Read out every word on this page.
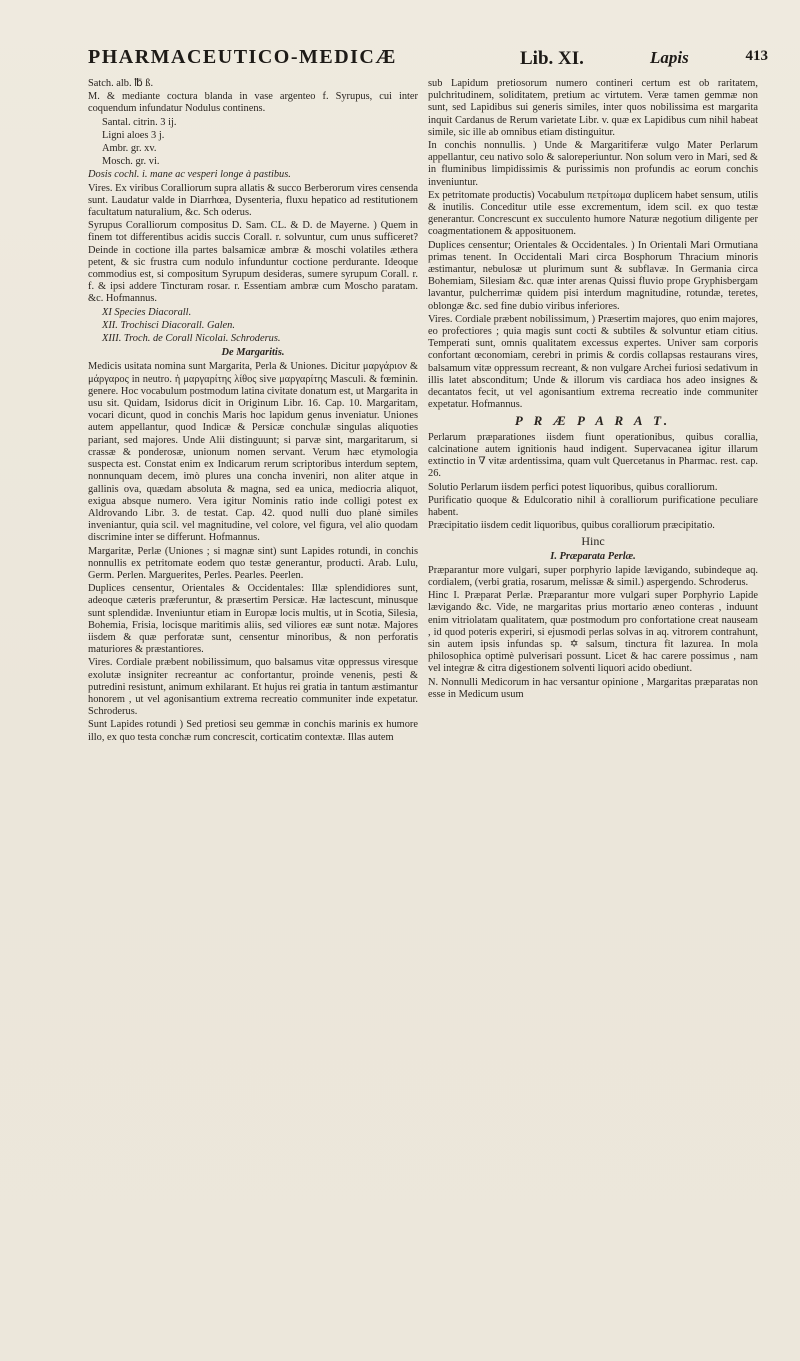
PHARMACEUTICO-MEDICÆ	Lib. XI.	Lapis	413

Satch. alb. ℔ ß.

M. & mediante coctura blanda in vase argenteo f. Syrupus, cui inter coquendum infundatur Nodulus continens.

Santal. citrin. 3 ij.

Ligni aloes 3 j.

Ambr. gr. xv.

Mosch. gr. vi.

Dosis cochl. i. mane ac vesperi longe à pastibus.

Vires. Ex viribus Coralliorum supra allatis & succo Berberorum vires censenda sunt. Laudatur valde in Diarrhœa, Dysenteria, fluxu hepatico ad restitutionem facultatum naturalium, &c. Sch oderus.

Syrupus Coralliorum compositus D. Sam. CL. & D. de Mayerne. ) Quem in finem tot differentibus acidis succis Corall. r. solvuntur, cum unus sufficeret? Deinde in coctione illa partes balsamicæ ambræ & moschi volatiles æthera petent, & sic frustra cum nodulo infunduntur coctione perdurante. Ideoque commodius est, si compositum Syrupum desideras, sumere syrupum Corall. r. f. & ipsi addere Tincturam rosar. r. Essentiam ambræ cum Moscho paratam. &c. Hofmannus.

XI Species Diacorall.

XII. Trochisci Diacorall. Galen.

XIII. Troch. de Corall Nicolai. Schroderus.

De Margaritis.

Medicis usitata nomina sunt Margarita, Perla & Uniones. Dicitur μαργάριον & μάργαρος in neutro. ἡ μαργαρίτης λίθος sive μαργαρίτης Masculi. & fœminin. genere. Hoc vocabulum postmodum latina civitate donatum est, ut Margarita in usu sit. Quidam, Isidorus dicit in Originum Libr. 16. Cap. 10. Margaritam, vocari dicunt, quod in conchis Maris hoc lapidum genus inveniatur. Uniones autem appellantur, quod Indicæ & Persicæ conchulæ singulas aliquoties pariant, sed majores. Unde Alii distinguunt; si parvæ sint, margaritarum, si crassæ & ponderosæ, unionum nomen servant. Verum hæc etymologia suspecta est. Constat enim ex Indicarum rerum scriptoribus interdum septem, nonnunquam decem, imò plures una concha inveniri, non aliter atque in gallinis ova, quædam absoluta & magna, sed ea unica, mediocria aliquot, exigua absque numero. Vera igitur Nominis ratio inde colligi potest ex Aldrovando Libr. 3. de testat. Cap. 42. quod nulli duo planè similes inveniantur, quia scil. vel magnitudine, vel colore, vel figura, vel alio quodam discrimine inter se differunt. Hofmannus.

Margaritæ, Perlæ (Uniones ; si magnæ sint) sunt Lapides rotundi, in conchis nonnullis ex petritomate eodem quo testæ generantur, producti. Arab. Lulu, Germ. Perlen. Marguerites, Perles. Pearles. Peerlen.

Duplices censentur, Orientales & Occidentales: Illæ splendidiores sunt, adeoque cæteris præferuntur, & præsertim Persicæ. Hæ lactescunt, minusque sunt splendidæ. Inveniuntur etiam in Europæ locis multis, ut in Scotia, Silesia, Bohemia, Frisia, locisque maritimis aliis, sed viliores eæ sunt notæ. Majores iisdem & quæ perforatæ sunt, censentur minoribus, & non perforatis maturiores & præstantiores.

Vires. Cordiale præbent nobilissimum, quo balsamus vitæ oppressus viresque exolutæ insigniter recreantur ac confortantur, proinde venenis, pesti & putredini resistunt, animum exhilarant. Et hujus rei gratia in tantum æstimantur honorem , ut vel agonisantium extrema recreatio communiter inde expetatur. Schroderus.

Sunt Lapides rotundi ) Sed pretiosi seu gemmæ in conchis marinis ex humore illo, ex quo testa conchæ rum concrescit, corticatim contextæ. Illas autem

sub Lapidum pretiosorum numero contineri certum est ob raritatem, pulchritudinem, soliditatem, pretium ac virtutem. Veræ tamen gemmæ non sunt, sed Lapidibus sui generis similes, inter quos nobilissima est margarita inquit Cardanus de Rerum varietate Libr. v. quæ ex Lapidibus cum nihil habeat simile, sic ille ab omnibus etiam distinguitur.

In conchis nonnullis. ) Unde & Margaritiferæ vulgo Mater Perlarum appellantur, ceu nativo solo & saloreperiuntur. Non solum vero in Mari, sed & in fluminibus limpidissimis & purissimis non profundis ac eorum conchis inveniuntur.

Ex petritomate productis) Vocabulum πετρίτωμα duplicem habet sensum, utilis & inutilis. Conceditur utile esse excrementum, idem scil. ex quo testæ generantur. Concrescunt ex succulento humore Naturæ negotium diligente per coagmentationem & apposituonem.

Duplices censentur; Orientales & Occidentales. ) In Orientali Mari Ormutiana primas tenent. In Occidentali Mari circa Bosphorum Thracium minoris æstimantur, nebulosæ ut plurimum sunt & subflavæ. In Germania circa Bohemiam, Silesiam &c. quæ inter arenas Quissi fluvio prope Gryphisbergam lavantur, pulcherrimæ quidem pisi interdum magnitudine, rotundæ, teretes, oblongæ &c. sed fine dubio viribus inferiores.

Vires. Cordiale præbent nobilissimum, ) Præsertim majores, quo enim majores, eo profectiores ; quia magis sunt cocti & subtiles & solvuntur etiam citius. Temperati sunt, omnis qualitatem excessus expertes. Univer sam corporis confortant œconomiam, cerebri in primis & cordis collapsas restaurans vires, balsamum vitæ oppressum recreant, & non vulgare Archei furiosi sedativum in illis latet absconditum; Unde & illorum vis cardiaca hos adeo insignes & decantatos fecit, ut vel agonisantium extrema recreatio inde communiter expetatur. Hofmannus.

P R Æ P A R A T.

Perlarum præparationes iisdem fiunt operationibus, quibus corallia, calcinatione autem ignitionis haud indigent. Supervacanea igitur illarum extinctio in ∇ vitæ ardentissima, quam vult Quercetanus in Pharmac. rest. cap. 26.

Solutio Perlarum iisdem perfici potest liquoribus, quibus coralliorum.

Purificatio quoque & Edulcoratio nihil à coralliorum purificatione peculiare habent.

Præcipitatio iisdem cedit liquoribus, quibus coralliorum præcipitatio.

Hinc

I. Præparata Perlæ.

Præparantur more vulgari, super porphyrio lapide lævigando, subindeque aq. cordialem, (verbi gratia, rosarum, melissæ & simil.) aspergendo. Schroderus.

Hinc I. Præparat Perlæ. Præparantur more vulgari super Porphyrio Lapide lævigando &c. Vide, ne margaritas prius mortario æneo conteras , induunt enim vitriolatam qualitatem, quæ postmodum pro confortatione creat nauseam , id quod poteris experiri, si ejusmodi perlas solvas in aq. vitrorem contrahunt, sin autem ipsis infundas sp. ✡ salsum, tinctura fit lazurea. In mola philosophica optimè pulverisari possunt. Licet & hac carere possimus , nam vel integræ & citra digestionem solventi liquori acido obediunt.

N. Nonnulli Medicorum in hac versantur opinione , Margaritas præparatas non esse in Medicum usum
